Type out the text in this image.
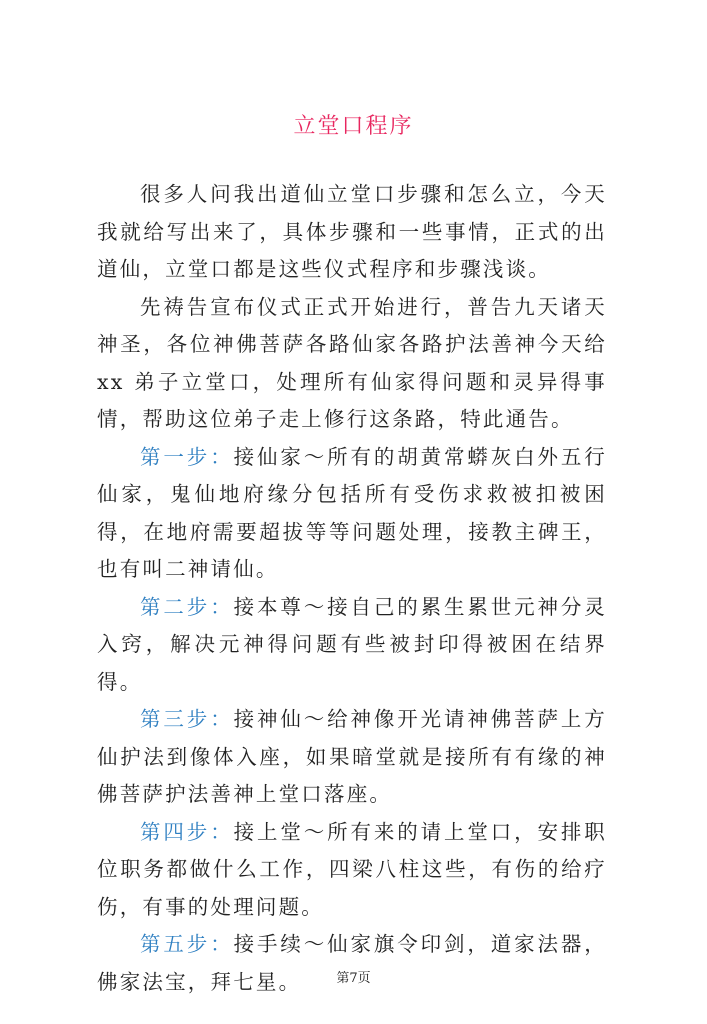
立堂口程序

很多人问我出道仙立堂口步骤和怎么立，今天我就给写出来了，具体步骤和一些事情，正式的出道仙，立堂口都是这些仪式程序和步骤浅谈。

先祷告宣布仪式正式开始进行，普告九天诸天神圣，各位神佛菩萨各路仙家各路护法善神今天给 xx 弟子立堂口，处理所有仙家得问题和灵异得事情，帮助这位弟子走上修行这条路，特此通告。

第一步：接仙家～所有的胡黄常蟒灰白外五行仙家，鬼仙地府缘分包括所有受伤求救被扣被困得，在地府需要超拔等等问题处理，接教主碑王，也有叫二神请仙。

第二步：接本尊～接自己的累生累世元神分灵入窍，解决元神得问题有些被封印得被困在结界得。

第三步：接神仙～给神像开光请神佛菩萨上方仙护法到像体入座，如果暗堂就是接所有有缘的神佛菩萨护法善神上堂口落座。

第四步：接上堂～所有来的请上堂口，安排职位职务都做什么工作，四梁八柱这些，有伤的给疗伤，有事的处理问题。

第五步：接手续～仙家旗令印剑，道家法器，佛家法宝，拜七星。	第7页
